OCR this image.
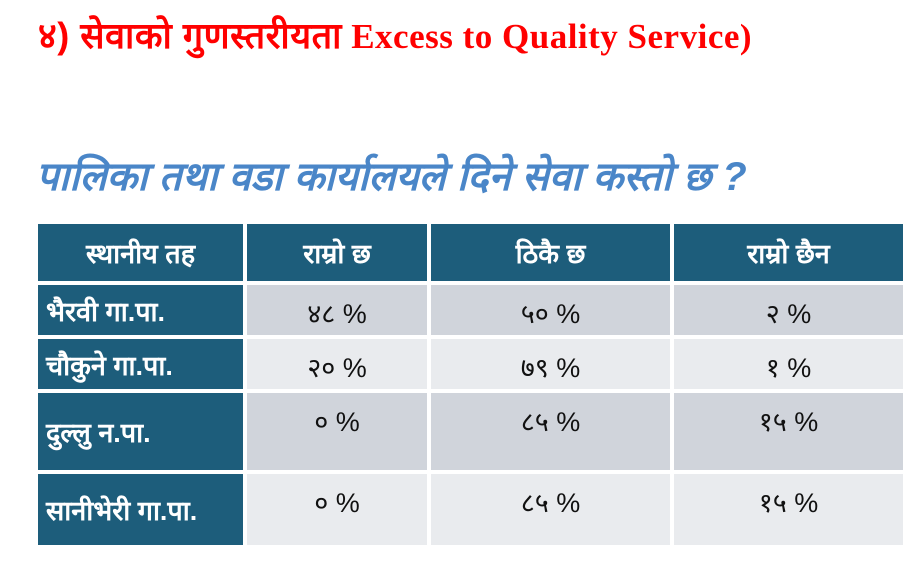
४) सेवाको गुणस्तरीयता Excess to Quality Service)
पालिका तथा वडा कार्यालयले दिने सेवा कस्तो छ ?
स्थानीय तह	राम्रो छ	ठिकै छ	राम्रो छैन
भैरवी गा.पा.	४८ %	५० %	२ %
चौकुने गा.पा.	२० %	७९ %	१ %
दुल्लु न.पा.	० %	८५ %	१५ %
सानीभेरी गा.पा.	० %	८५ %	१५ %
